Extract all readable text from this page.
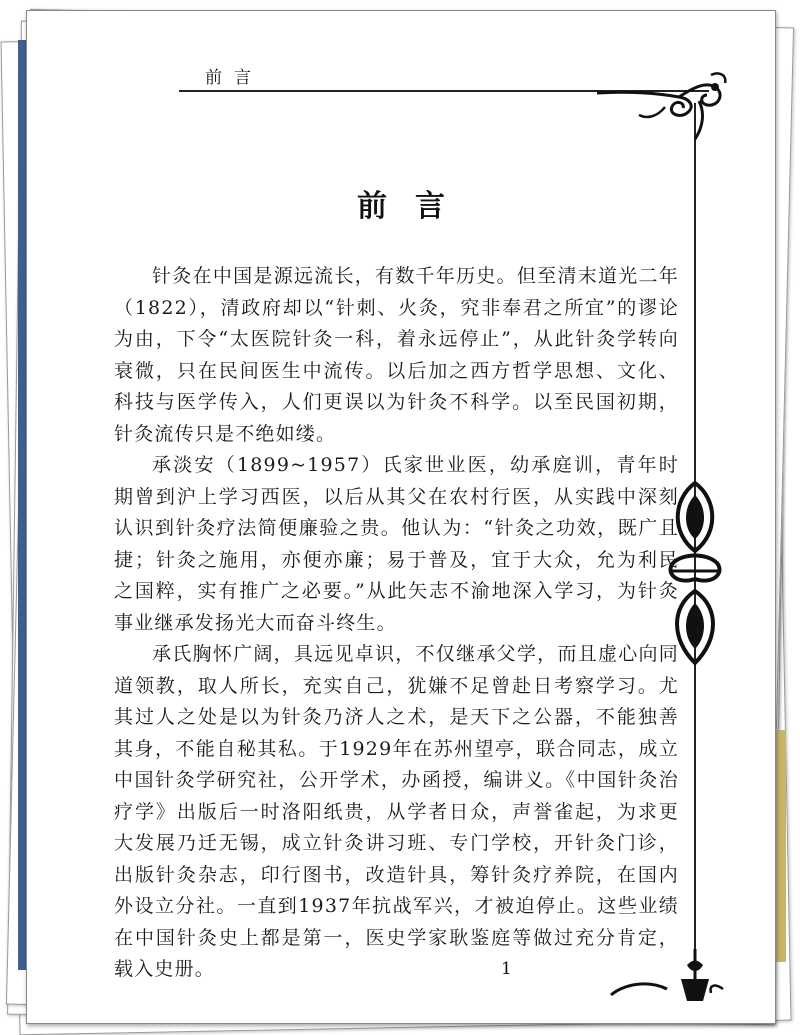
前言
前言

针灸在中国是源远流长，有数千年历史。但至清末道光二年（1822），清政府却以“针刺、火灸，究非奉君之所宜”的谬论为由，下令“太医院针灸一科，着永远停止”，从此针灸学转向衰微，只在民间医生中流传。以后加之西方哲学思想、文化、科技与医学传入，人们更误以为针灸不科学。以至民国初期，针灸流传只是不绝如缕。

承淡安（1899~1957）氏家世业医，幼承庭训，青年时期曾到沪上学习西医，以后从其父在农村行医，从实践中深刻认识到针灸疗法简便廉验之贵。他认为：“针灸之功效，既广且捷；针灸之施用，亦便亦廉；易于普及，宜于大众，允为利民之国粹，实有推广之必要。”从此矢志不渝地深入学习，为针灸事业继承发扬光大而奋斗终生。

承氏胸怀广阔，具远见卓识，不仅继承父学，而且虚心向同道领教，取人所长，充实自己，犹嫌不足曾赴日考察学习。尤其过人之处是以为针灸乃济人之术，是天下之公器，不能独善其身，不能自秘其私。于1929年在苏州望亭，联合同志，成立中国针灸学研究社，公开学术，办函授，编讲义。《中国针灸治疗学》出版后一时洛阳纸贵，从学者日众，声誉雀起，为求更大发展乃迁无锡，成立针灸讲习班、专门学校，开针灸门诊，出版针灸杂志，印行图书，改造针具，筹针灸疗养院，在国内外设立分社。一直到1937年抗战军兴，才被迫停止。这些业绩在中国针灸史上都是第一，医史学家耿鉴庭等做过充分肯定，载入史册。	1
